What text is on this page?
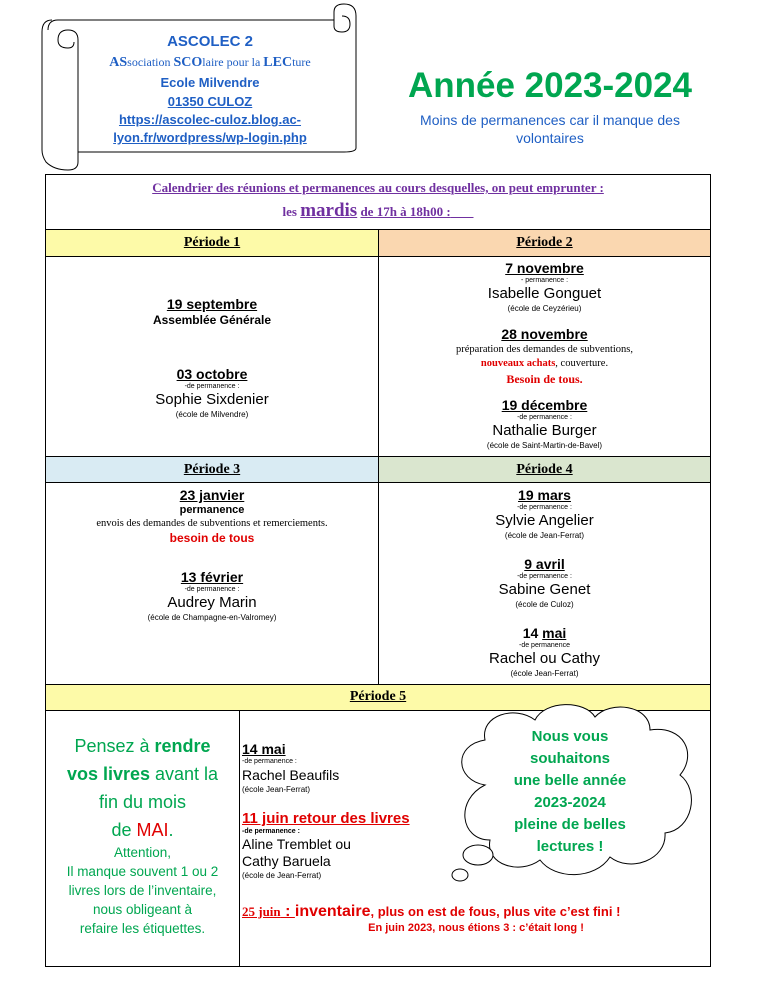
ASCOLEC 2
ASsociation SCOlaire pour la LECture
Ecole Milvendre
01350 CULOZ
https://ascolec-culoz.blog.ac-
lyon.fr/wordpress/wp-login.php
Année 2023-2024
Moins de permanences car il manque des
volontaires
Calendrier des réunions et permanences au cours desquelles, on peut emprunter :
les mardis de 17h à 18h00 :
Période 1	Période 2
Période 3	Période 4
Période 5
19 septembre
Assemblée Générale
03 octobre
-de permanence :
Sophie Sixdenier
(école de Milvendre)
7 novembre
- permanence :
Isabelle Gonguet
(école de Ceyzérieu)
28 novembre
préparation des demandes de subventions,
nouveaux achats, couverture.
Besoin de tous.
19 décembre
-de permanence :
Nathalie Burger
(école de Saint-Martin-de-Bavel)
23 janvier
permanence
envois des demandes de subventions et remerciements.
besoin de tous
13 février
-de permanence :
Audrey Marin
(école de Champagne-en-Valromey)
19 mars
-de permanence :
Sylvie Angelier
(école de Jean-Ferrat)
9 avril
-de permanence :
Sabine Genet
(école de Culoz)
14 mai
-de permanence
Rachel ou Cathy
(école Jean-Ferrat)
Pensez à rendre
vos livres avant la
fin du mois
de MAI.
Attention,
Il manque souvent 1 ou 2
livres lors de l’inventaire,
nous obligeant à
refaire les étiquettes.
14 mai
-de permanence :
Rachel Beaufils
(école Jean-Ferrat)
11 juin retour des livres
-de permanence :
Aline Tremblet ou
Cathy Baruela
(école de Jean-Ferrat)
25 juin : inventaire, plus on est de fous, plus vite c’est fini !
En juin 2023, nous étions 3 : c’était long !
Nous vous
souhaitons
une belle année
2023-2024
pleine de belles
lectures !
